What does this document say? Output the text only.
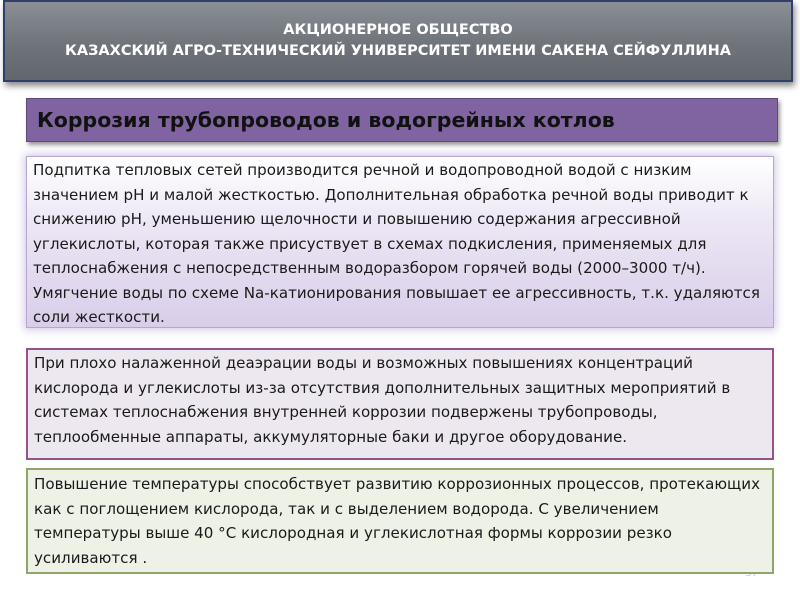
АКЦИОНЕРНОЕ ОБЩЕСТВО
КАЗАХСКИЙ АГРО-ТЕХНИЧЕСКИЙ УНИВЕРСИТЕТ ИМЕНИ САКЕНА СЕЙФУЛЛИНА
Коррозия трубопроводов и водогрейных котлов
Подпитка тепловых сетей производится речной и водопроводной водой с низким значением рН и малой жесткостью. Дополнительная обработка речной воды приводит к снижению рН, уменьшению щелочности и повышению содержания агрессивной углекислоты, которая также присуствует в схемах подкисления, применяемых для теплоснабжения с непосредственным водоразбором горячей воды (2000–3000 т/ч). Умягчение воды по схеме Na-катионирования повышает ее агрессивность, т.к. удаляются соли жесткости.
При плохо налаженной деаэрации воды и возможных повышениях концентраций кислорода и углекислоты из-за отсутствия дополнительных защитных мероприятий в системах теплоснабжения внутренней коррозии подвержены трубопроводы, теплообменные аппараты, аккумуляторные баки и другое оборудование.
Повышение температуры способствует развитию коррозионных процессов, протекающих как с поглощением кислорода, так и с выделением водорода. С увеличением температуры выше 40 °С кислородная и углекислотная формы коррозии резко усиливаются .
